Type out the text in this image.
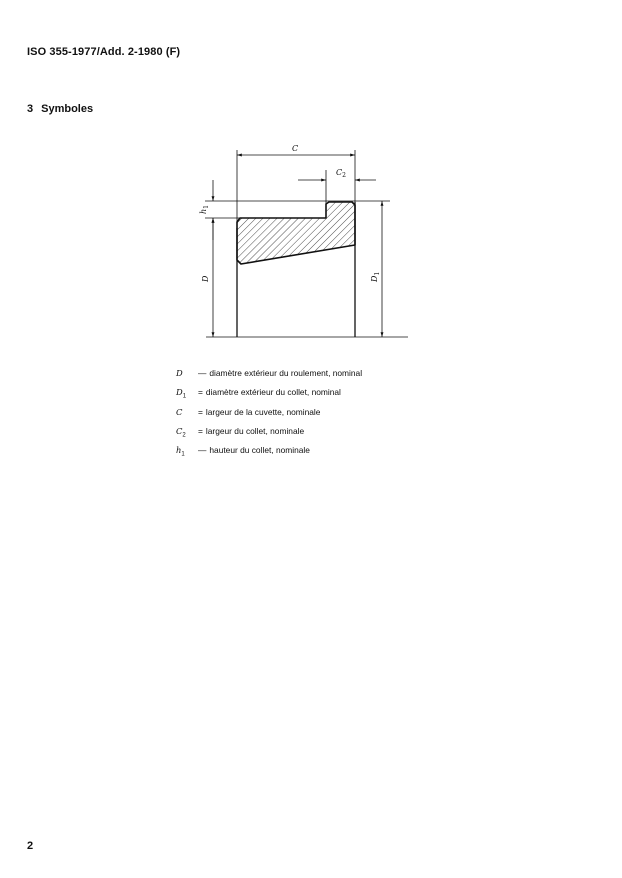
ISO 355-1977/Add. 2-1980 (F)
3 Symboles
C
$C_2$
$h_1$
D	$D_1$
D	— diamètre extérieur du roulement, nominal
$D_1$	= diamètre extérieur du collet, nominal
C	= largeur de la cuvette, nominale
$C_2$	= largeur du collet, nominale
$h_1$	— hauteur du collet, nominale
2
